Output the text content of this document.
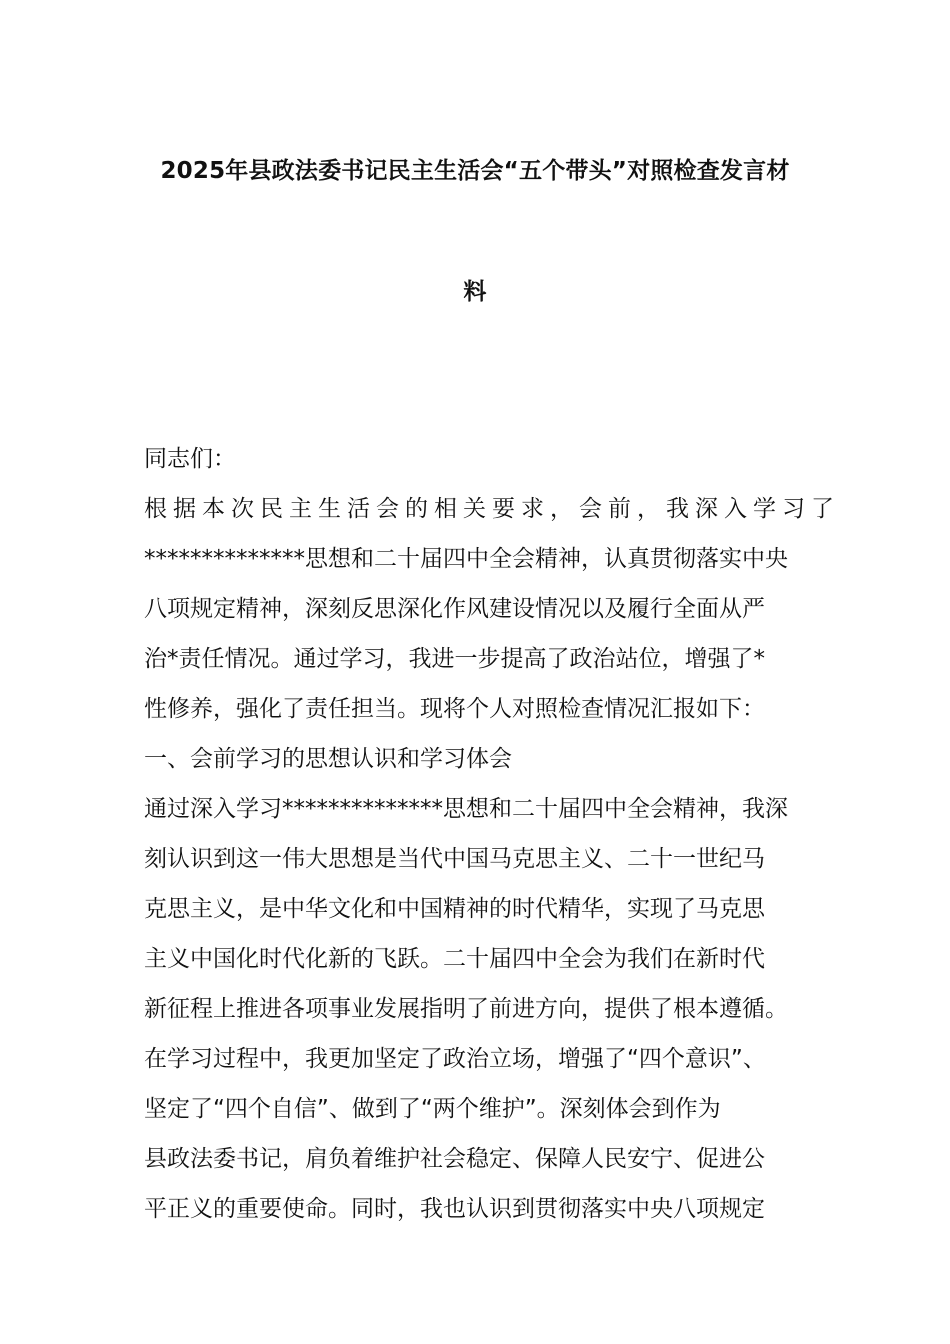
2025年县政法委书记民主生活会“五个带头”对照检查发言材
料
同志们：
根据本次民主生活会的相关要求，会前，我深入学习了
**************思想和二十届四中全会精神，认真贯彻落实中央
八项规定精神，深刻反思深化作风建设情况以及履行全面从严
治*责任情况。通过学习，我进一步提高了政治站位，增强了*
性修养，强化了责任担当。现将个人对照检查情况汇报如下：
一、会前学习的思想认识和学习体会
通过深入学习**************思想和二十届四中全会精神，我深
刻认识到这一伟大思想是当代中国马克思主义、二十一世纪马
克思主义，是中华文化和中国精神的时代精华，实现了马克思
主义中国化时代化新的飞跃。二十届四中全会为我们在新时代
新征程上推进各项事业发展指明了前进方向，提供了根本遵循。
在学习过程中，我更加坚定了政治立场，增强了“四个意识”、
坚定了“四个自信”、做到了“两个维护”。深刻体会到作为
县政法委书记，肩负着维护社会稳定、保障人民安宁、促进公
平正义的重要使命。同时，我也认识到贯彻落实中央八项规定
